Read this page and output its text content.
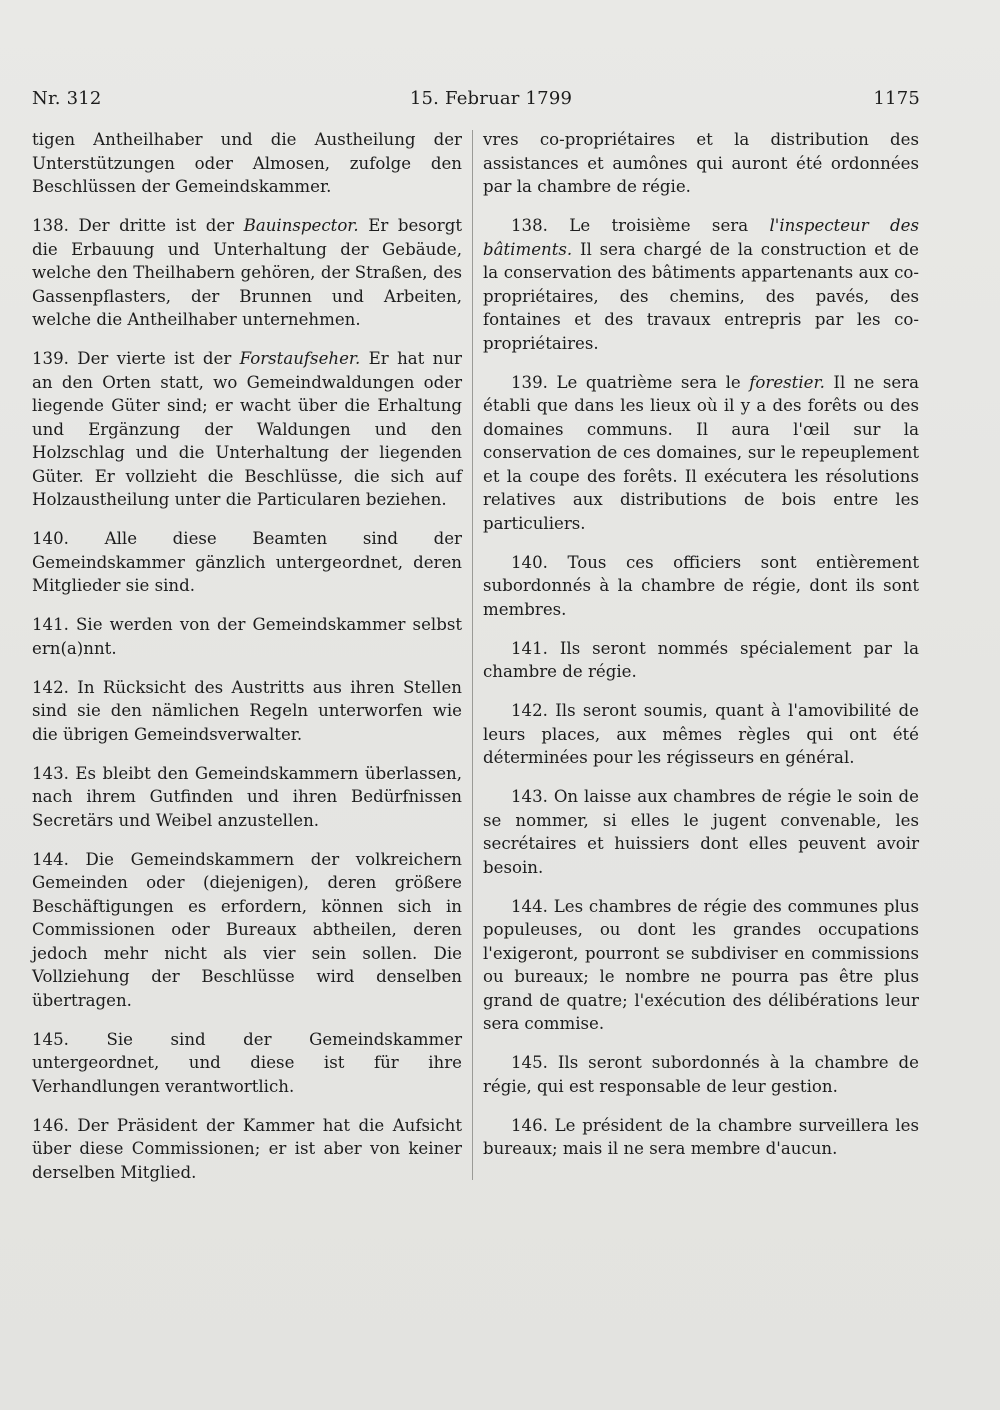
Nr. 312	15. Februar 1799	1175

tigen Antheilhaber und die Austheilung der Unterstützungen oder Almosen, zufolge den Beschlüssen der Gemeindskammer.

138. Der dritte ist der Bauinspector. Er besorgt die Erbauung und Unterhaltung der Gebäude, welche den Theilhabern gehören, der Straßen, des Gassenpflasters, der Brunnen und Arbeiten, welche die Antheilhaber unternehmen.

139. Der vierte ist der Forstaufseher. Er hat nur an den Orten statt, wo Gemeindwaldungen oder liegende Güter sind; er wacht über die Erhaltung und Ergänzung der Waldungen und den Holzschlag und die Unterhaltung der liegenden Güter. Er vollzieht die Beschlüsse, die sich auf Holzaustheilung unter die Particularen beziehen.

140. Alle diese Beamten sind der Gemeindskammer gänzlich untergeordnet, deren Mitglieder sie sind.

141. Sie werden von der Gemeindskammer selbst ern(a)nnt.

142. In Rücksicht des Austritts aus ihren Stellen sind sie den nämlichen Regeln unterworfen wie die übrigen Gemeindsverwalter.

143. Es bleibt den Gemeindskammern überlassen, nach ihrem Gutfinden und ihren Bedürfnissen Secretärs und Weibel anzustellen.

144. Die Gemeindskammern der volkreichern Gemeinden oder (diejenigen), deren größere Beschäftigungen es erfordern, können sich in Commissionen oder Bureaux abtheilen, deren jedoch mehr nicht als vier sein sollen. Die Vollziehung der Beschlüsse wird denselben übertragen.

145. Sie sind der Gemeindskammer untergeordnet, und diese ist für ihre Verhandlungen verantwortlich.

146. Der Präsident der Kammer hat die Aufsicht über diese Commissionen; er ist aber von keiner derselben Mitglied.

vres co-propriétaires et la distribution des assistances et aumônes qui auront été ordonnées par la chambre de régie.

138. Le troisième sera l'inspecteur des bâtiments. Il sera chargé de la construction et de la conservation des bâtiments appartenants aux co-propriétaires, des chemins, des pavés, des fontaines et des travaux entrepris par les co-propriétaires.

139. Le quatrième sera le forestier. Il ne sera établi que dans les lieux où il y a des forêts ou des domaines communs. Il aura l'œil sur la conservation de ces domaines, sur le repeuplement et la coupe des forêts. Il exécutera les résolutions relatives aux distributions de bois entre les particuliers.

140. Tous ces officiers sont entièrement subordonnés à la chambre de régie, dont ils sont membres.

141. Ils seront nommés spécialement par la chambre de régie.

142. Ils seront soumis, quant à l'amovibilité de leurs places, aux mêmes règles qui ont été déterminées pour les régisseurs en général.

143. On laisse aux chambres de régie le soin de se nommer, si elles le jugent convenable, les secrétaires et huissiers dont elles peuvent avoir besoin.

144. Les chambres de régie des communes plus populeuses, ou dont les grandes occupations l'exigeront, pourront se subdiviser en commissions ou bureaux; le nombre ne pourra pas être plus grand de quatre; l'exécution des délibérations leur sera commise.

145. Ils seront subordonnés à la chambre de régie, qui est responsable de leur gestion.

146. Le président de la chambre surveillera les bureaux; mais il ne sera membre d'aucun.
